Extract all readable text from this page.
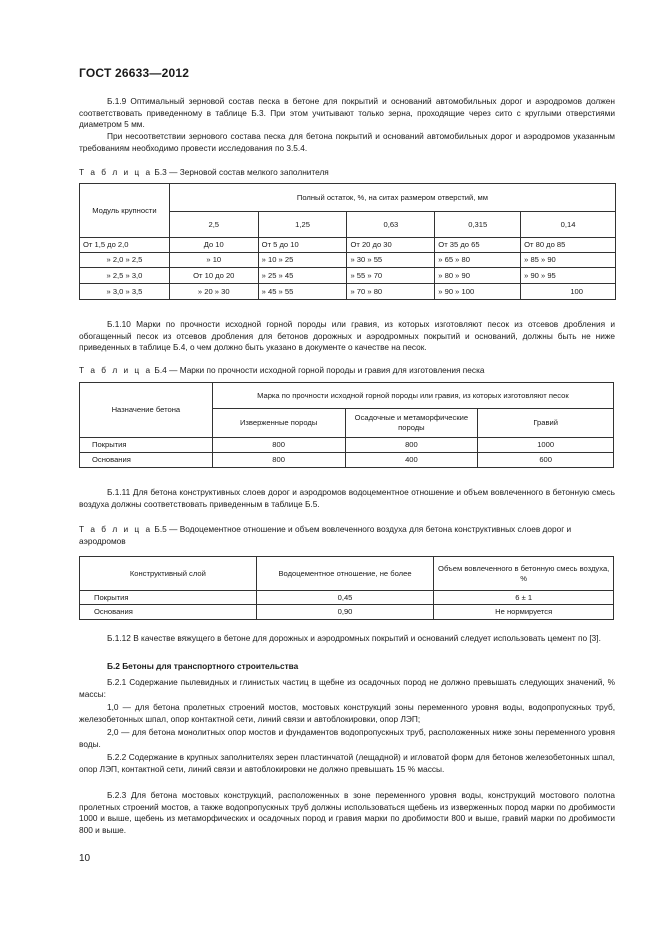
ГОСТ 26633—2012
Б.1.9 Оптимальный зерновой состав песка в бетоне для покрытий и оснований автомобильных дорог и аэродромов должен соответствовать приведенному в таблице Б.3. При этом учитывают только зерна, проходящие через сито с круглыми отверстиями диаметром 5 мм.
При несоответствии зернового состава песка для бетона покрытий и оснований автомобильных дорог и аэродромов указанным требованиям необходимо провести исследования по 3.5.4.
Т а б л и ц а Б.3 — Зерновой состав мелкого заполнителя
Модуль крупности	Полный остаток, %, на ситах размером отверстий, мм				
	2,5	1,25	0,63	0,315	0,14
От 1,5 до 2,0	До 10	От 5 до 10	От 20 до 30	От 35 до 65	От 80 до 85
» 2,0 » 2,5	» 10	» 10 » 25	» 30 » 55	» 65 » 80	» 85 » 90
» 2,5 » 3,0	От 10 до 20	» 25 » 45	» 55 » 70	» 80 » 90	» 90 » 95
» 3,0 » 3,5	» 20 » 30	» 45 » 55	» 70 » 80	» 90 » 100	100
Б.1.10 Марки по прочности исходной горной породы или гравия, из которых изготовляют песок из отсевов дробления и обогащенный песок из отсевов дробления для бетонов дорожных и аэродромных покрытий и оснований, должны быть не ниже приведенных в таблице Б.4, о чем должно быть указано в документе о качестве на песок.
Т а б л и ц а Б.4 — Марки по прочности исходной горной породы и гравия для изготовления песка
Назначение бетона	Марка по прочности исходной горной породы или гравия, из которых изготовляют песок		
	Изверженные породы	Осадочные и метаморфические породы	Гравий
Покрытия	800	800	1000
Основания	800	400	600
Б.1.11 Для бетона конструктивных слоев дорог и аэродромов водоцементное отношение и объем вовлеченного в бетонную смесь воздуха должны соответствовать приведенным в таблице Б.5.
Т а б л и ц а Б.5 — Водоцементное отношение и объем вовлеченного воздуха для бетона конструктивных слоев дорог и аэродромов
Конструктивный слой	Водоцементное отношение, не более	Объем вовлеченного в бетонную смесь воздуха, %
Покрытия	0,45	6 ± 1
Основания	0,90	Не нормируется
Б.1.12 В качестве вяжущего в бетоне для дорожных и аэродромных покрытий и оснований следует использовать цемент по [3].
Б.2 Бетоны для транспортного строительства
Б.2.1 Содержание пылевидных и глинистых частиц в щебне из осадочных пород не должно превышать следующих значений, % массы:
1,0 — для бетона пролетных строений мостов, мостовых конструкций зоны переменного уровня воды, водопропускных труб, железобетонных шпал, опор контактной сети, линий связи и автоблокировки, опор ЛЭП;
2,0 — для бетона монолитных опор мостов и фундаментов водопропускных труб, расположенных ниже зоны переменного уровня воды.
Б.2.2 Содержание в крупных заполнителях зерен пластинчатой (лещадной) и игловатой форм для бетонов железобетонных шпал, опор ЛЭП, контактной сети, линий связи и автоблокировки не должно превышать 15 % массы.
Б.2.3 Для бетона мостовых конструкций, расположенных в зоне переменного уровня воды, конструкций мостового полотна пролетных строений мостов, а также водопропускных труб должны использоваться щебень из изверженных пород марки по дробимости 1000 и выше, щебень из метаморфических и осадочных пород и гравия марки по дробимости 800 и выше, гравий марки по дробимости 800 и выше.
10
